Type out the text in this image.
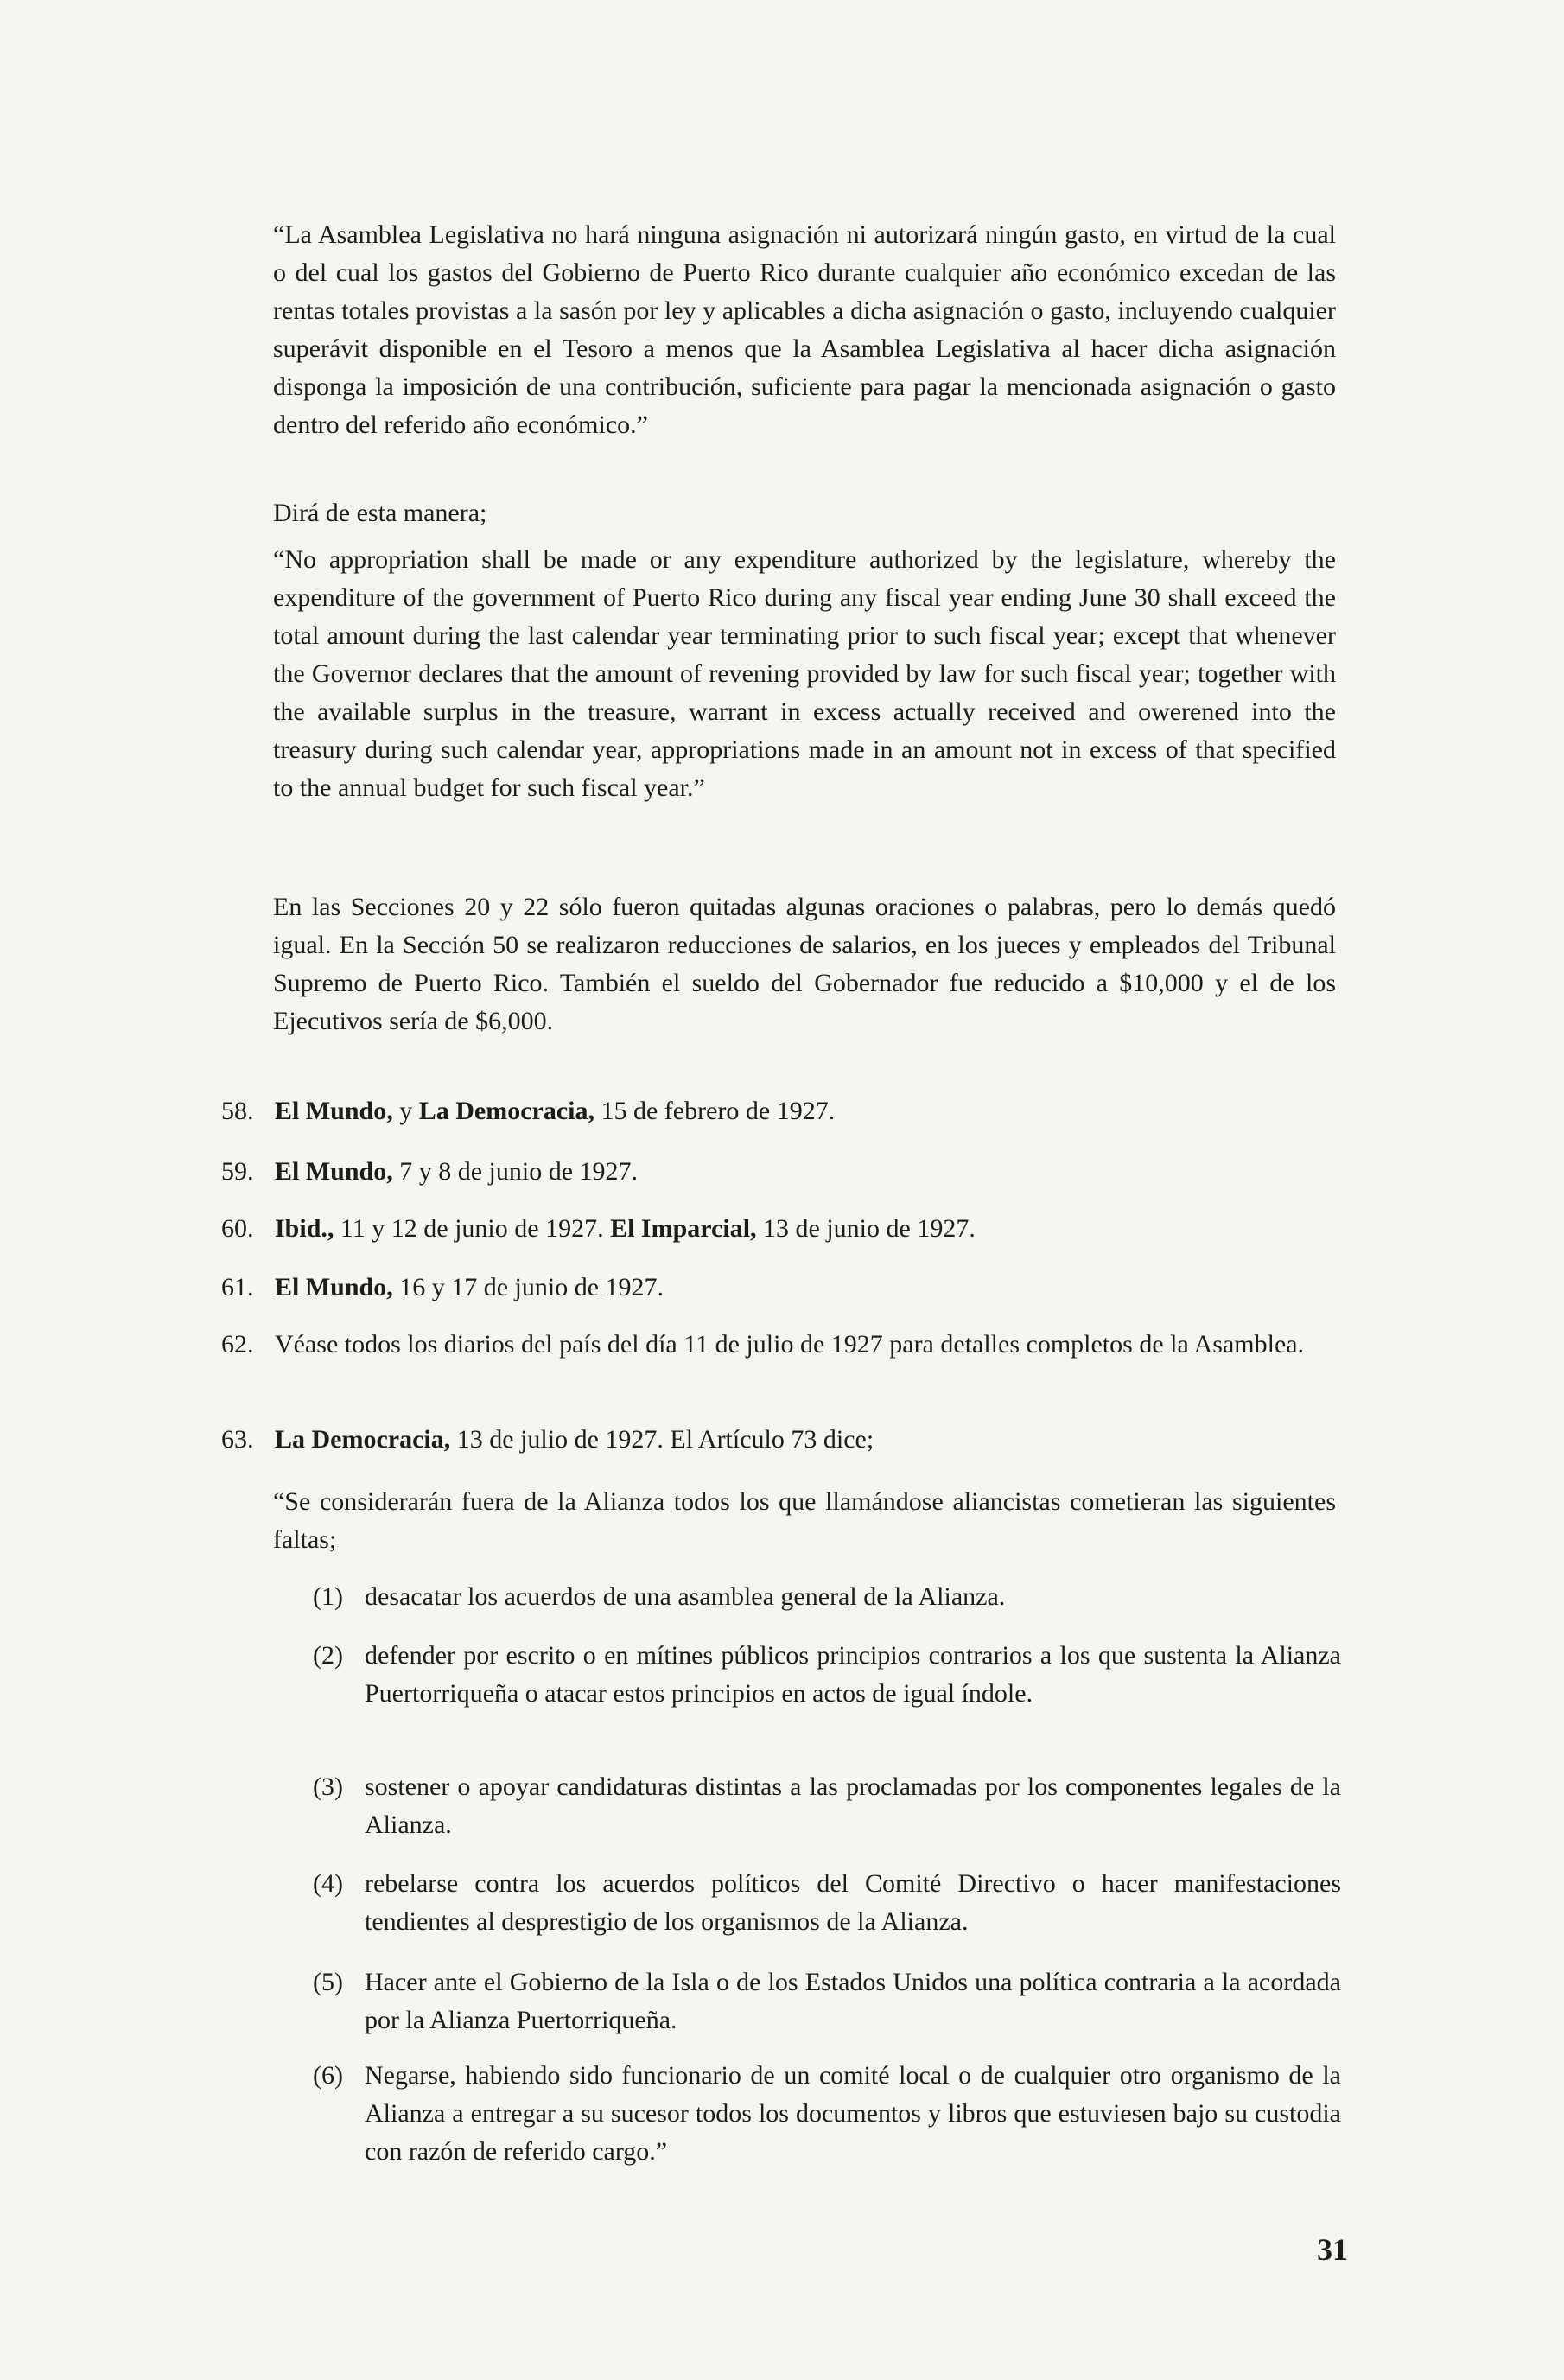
“La Asamblea Legislativa no hará ninguna asignación ni autorizará ningún gasto, en virtud de la cual o del cual los gastos del Gobierno de Puerto Rico durante cualquier año económico excedan de las rentas totales provistas a la sasón por ley y aplicables a dicha asignación o gasto, incluyendo cualquier superávit disponible en el Tesoro a menos que la Asamblea Legislativa al hacer dicha asignación disponga la imposición de una contribución, suficiente para pagar la mencionada asignación o gasto dentro del referido año económico.”

Dirá de esta manera;

“No appropriation shall be made or any expenditure authorized by the legislature, whereby the expenditure of the government of Puerto Rico during any fiscal year ending June 30 shall exceed the total amount during the last calendar year terminating prior to such fiscal year; except that whenever the Governor declares that the amount of revening provided by law for such fiscal year; together with the available surplus in the treasure, warrant in excess actually received and owerened into the treasury during such calendar year, appropriations made in an amount not in excess of that specified to the annual budget for such fiscal year.”

En las Secciones 20 y 22 sólo fueron quitadas algunas oraciones o palabras, pero lo demás quedó igual. En la Sección 50 se realizaron reducciones de salarios, en los jueces y empleados del Tribunal Supremo de Puerto Rico. También el sueldo del Gobernador fue reducido a $10,000 y el de los Ejecutivos sería de $6,000.

58. El Mundo, y La Democracia, 15 de febrero de 1927.
59. El Mundo, 7 y 8 de junio de 1927.
60. Ibid., 11 y 12 de junio de 1927. El Imparcial, 13 de junio de 1927.
61. El Mundo, 16 y 17 de junio de 1927.
62. Véase todos los diarios del país del día 11 de julio de 1927 para detalles completos de la Asamblea.
63. La Democracia, 13 de julio de 1927. El Artículo 73 dice;

“Se considerarán fuera de la Alianza todos los que llamándose aliancistas cometieran las siguientes faltas;

(1) desacatar los acuerdos de una asamblea general de la Alianza.
(2) defender por escrito o en mítines públicos principios contrarios a los que sustenta la Alianza Puertorriqueña o atacar estos principios en actos de igual índole.
(3) sostener o apoyar candidaturas distintas a las proclamadas por los componentes legales de la Alianza.
(4) rebelarse contra los acuerdos políticos del Comité Directivo o hacer manifestaciones tendientes al desprestigio de los organismos de la Alianza.
(5) Hacer ante el Gobierno de la Isla o de los Estados Unidos una política contraria a la acordada por la Alianza Puertorriqueña.
(6) Negarse, habiendo sido funcionario de un comité local o de cualquier otro organismo de la Alianza a entregar a su sucesor todos los documentos y libros que estuviesen bajo su custodia con razón de referido cargo.”
31
